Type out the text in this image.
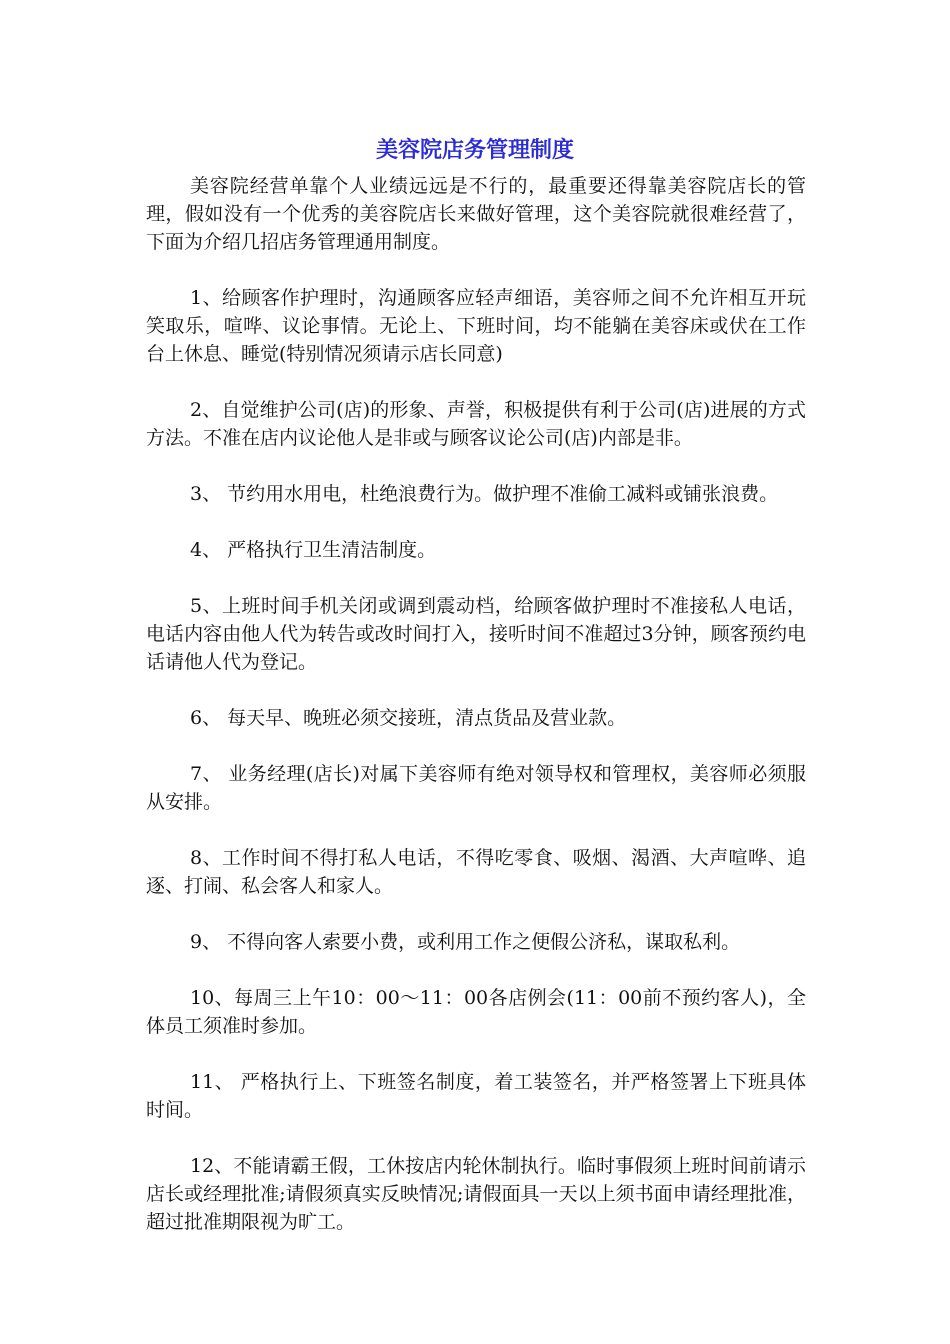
美容院店务管理制度

美容院经营单靠个人业绩远远是不行的，最重要还得靠美容院店长的管理，假如没有一个优秀的美容院店长来做好管理，这个美容院就很难经营了，下面为介绍几招店务管理通用制度。

1、给顾客作护理时，沟通顾客应轻声细语，美容师之间不允许相互开玩笑取乐，喧哗、议论事情。无论上、下班时间，均不能躺在美容床或伏在工作台上休息、睡觉(特别情况须请示店长同意)

2、自觉维护公司(店)的形象、声誉，积极提供有利于公司(店)进展的方式方法。不准在店内议论他人是非或与顾客议论公司(店)内部是非。

3、 节约用水用电，杜绝浪费行为。做护理不准偷工减料或铺张浪费。

4、 严格执行卫生清洁制度。

5、上班时间手机关闭或调到震动档，给顾客做护理时不准接私人电话，电话内容由他人代为转告或改时间打入，接听时间不准超过3分钟，顾客预约电话请他人代为登记。

6、 每天早、晚班必须交接班，清点货品及营业款。

7、 业务经理(店长)对属下美容师有绝对领导权和管理权，美容师必须服从安排。

8、工作时间不得打私人电话，不得吃零食、吸烟、渴酒、大声喧哗、追逐、打闹、私会客人和家人。

9、 不得向客人索要小费，或利用工作之便假公济私，谋取私利。

10、每周三上午10：00～11：00各店例会(11：00前不预约客人)，全体员工须准时参加。

11、 严格执行上、下班签名制度，着工装签名，并严格签署上下班具体时间。

12、不能请霸王假，工休按店内轮休制执行。临时事假须上班时间前请示店长或经理批准;请假须真实反映情况;请假面具一天以上须书面申请经理批准，超过批准期限视为旷工。
